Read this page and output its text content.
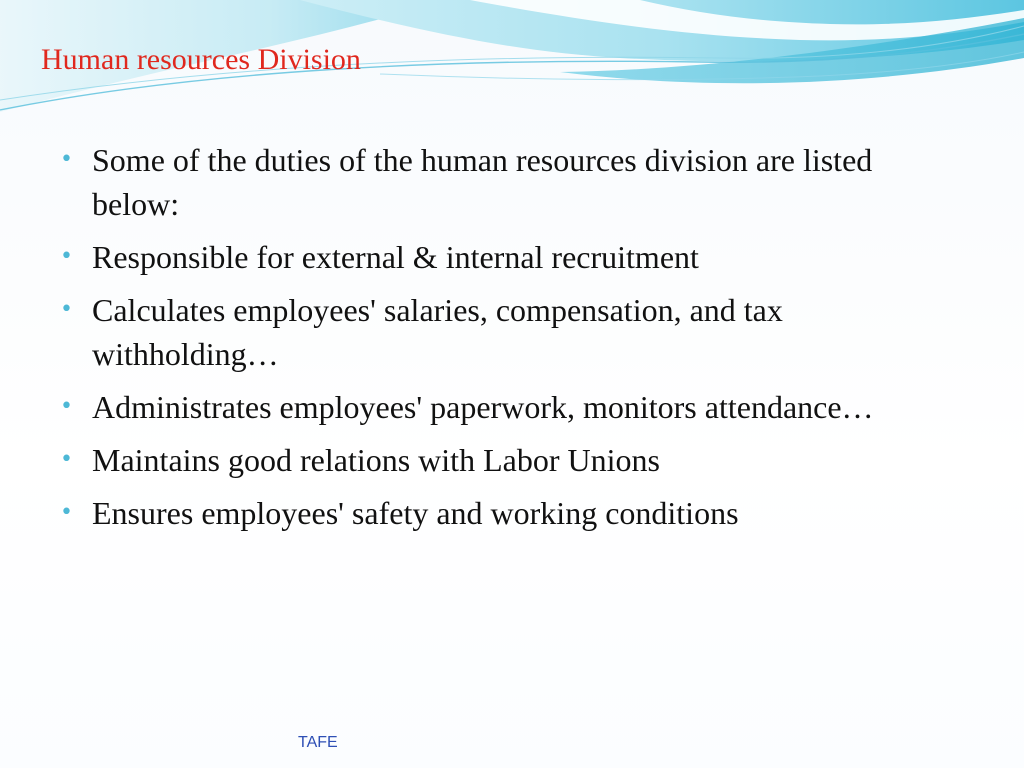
Human resources Division
• Some of the duties of the human resources division are listed below:
• Responsible for external & internal recruitment
• Calculates employees' salaries, compensation, and tax withholding…
• Administrates employees' paperwork, monitors attendance…
• Maintains good relations with Labor Unions
• Ensures employees' safety and working conditions
TAFE
